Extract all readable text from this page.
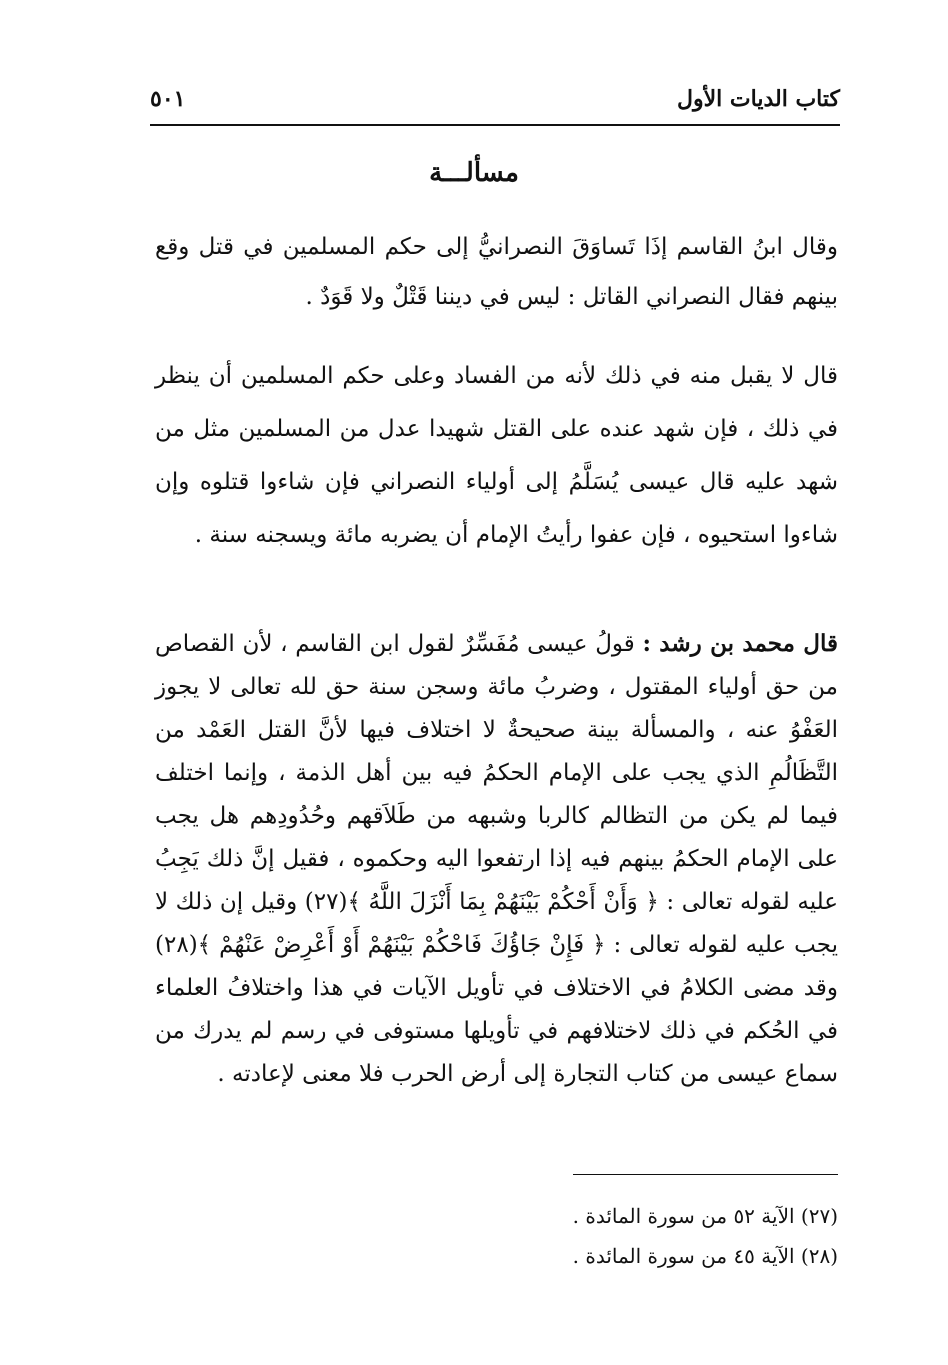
كتاب الديات الأول
٥٠١
مسألـــة

وقال ابنُ القاسم إذَا تَساوَقَ النصرانيُّ إلى حكم المسلمين في قتل وقع بينهم فقال النصراني القاتل : ليس في ديننا قَتْلٌ ولا قَوَدٌ .

قال لا يقبل منه في ذلك لأنه من الفساد وعلى حكم المسلمين أن ينظر في ذلك ، فإن شهد عنده على القتل شهيدا عدل من المسلمين مثل من شهد عليه قال عيسى يُسَلَّمُ إلى أولياء النصراني فإن شاءوا قتلوه وإن شاءوا استحيوه ، فإن عفوا رأيتُ الإمام أن يضربه مائة ويسجنه سنة .

قال محمد بن رشد : قولُ عيسى مُفَسِّرٌ لقول ابن القاسم ، لأن القصاص من حق أولياء المقتول ، وضربُ مائة وسجن سنة حق لله تعالى لا يجوز العَفْوُ عنه ، والمسألة بينة صحيحةٌ لا اختلاف فيها لأنَّ القتل العَمْد من التَّظَالُمِ الذي يجب على الإمام الحكمُ فيه بين أهل الذمة ، وإنما اختلف فيما لم يكن من التظالم كالربا وشبهه من طَلاَقهم وحُدُودِهم هل يجب على الإمام الحكمُ بينهم فيه إذا ارتفعوا اليه وحكموه ، فقيل إنَّ ذلك يَجِبُ عليه لقوله تعالى : ﴿ وَأَنْ أَحْكُمْ بَيْنَهُمْ بِمَا أَنْزَلَ اللَّهُ ﴾(٢٧) وقيل إن ذلك لا يجب عليه لقوله تعالى : ﴿ فَإِنْ جَاؤُكَ فَاحْكُمْ بَيْنَهُمْ أَوْ أَعْرِضْ عَنْهُمْ ﴾(٢٨) وقد مضى الكلامُ في الاختلاف في تأويل الآيات في هذا واختلافُ العلماء في الحُكم في ذلك لاختلافهم في تأويلها مستوفى في رسم لم يدرك من سماع عيسى من كتاب التجارة إلى أرض الحرب فلا معنى لإعادته .

(٢٧) الآية ٥٢ من سورة المائدة .
(٢٨) الآية ٤٥ من سورة المائدة .
